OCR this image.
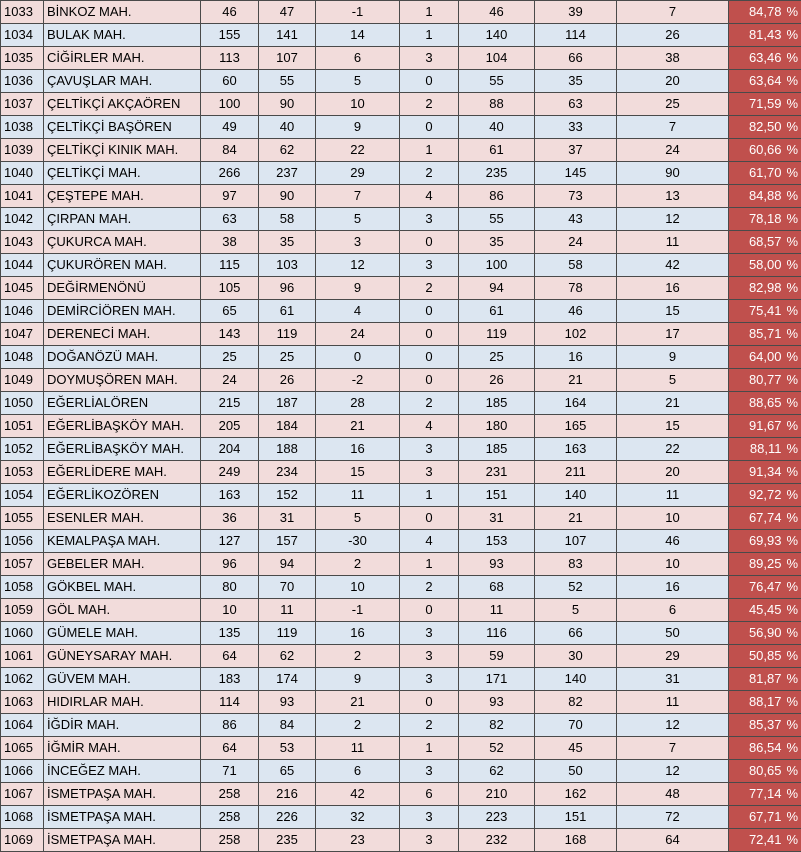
1033	BİNKOZ MAH.	46	47	-1	1	46	39	7	84,78	%
1034	BULAK MAH.	155	141	14	1	140	114	26	81,43	%
1035	CİĞİRLER MAH.	113	107	6	3	104	66	38	63,46	%
1036	ÇAVUŞLAR MAH.	60	55	5	0	55	35	20	63,64	%
1037	ÇELTİKÇİ AKÇAÖREN	100	90	10	2	88	63	25	71,59	%
1038	ÇELTİKÇİ BAŞÖREN	49	40	9	0	40	33	7	82,50	%
1039	ÇELTİKÇİ KINIK MAH.	84	62	22	1	61	37	24	60,66	%
1040	ÇELTİKÇİ MAH.	266	237	29	2	235	145	90	61,70	%
1041	ÇEŞTEPE MAH.	97	90	7	4	86	73	13	84,88	%
1042	ÇIRPAN MAH.	63	58	5	3	55	43	12	78,18	%
1043	ÇUKURCA MAH.	38	35	3	0	35	24	11	68,57	%
1044	ÇUKURÖREN MAH.	115	103	12	3	100	58	42	58,00	%
1045	DEĞİRMENÖNÜ	105	96	9	2	94	78	16	82,98	%
1046	DEMİRCİÖREN MAH.	65	61	4	0	61	46	15	75,41	%
1047	DERENECİ MAH.	143	119	24	0	119	102	17	85,71	%
1048	DOĞANÖZÜ MAH.	25	25	0	0	25	16	9	64,00	%
1049	DOYMUŞÖREN MAH.	24	26	-2	0	26	21	5	80,77	%
1050	EĞERLİALÖREN	215	187	28	2	185	164	21	88,65	%
1051	EĞERLİBAŞKÖY MAH.	205	184	21	4	180	165	15	91,67	%
1052	EĞERLİBAŞKÖY MAH.	204	188	16	3	185	163	22	88,11	%
1053	EĞERLİDERE MAH.	249	234	15	3	231	211	20	91,34	%
1054	EĞERLİKOZÖREN	163	152	11	1	151	140	11	92,72	%
1055	ESENLER MAH.	36	31	5	0	31	21	10	67,74	%
1056	KEMALPAŞA MAH.	127	157	-30	4	153	107	46	69,93	%
1057	GEBELER MAH.	96	94	2	1	93	83	10	89,25	%
1058	GÖKBEL MAH.	80	70	10	2	68	52	16	76,47	%
1059	GÖL MAH.	10	11	-1	0	11	5	6	45,45	%
1060	GÜMELE MAH.	135	119	16	3	116	66	50	56,90	%
1061	GÜNEYSARAY MAH.	64	62	2	3	59	30	29	50,85	%
1062	GÜVEM MAH.	183	174	9	3	171	140	31	81,87	%
1063	HIDIRLAR MAH.	114	93	21	0	93	82	11	88,17	%
1064	İĞDİR MAH.	86	84	2	2	82	70	12	85,37	%
1065	İĞMİR MAH.	64	53	11	1	52	45	7	86,54	%
1066	İNCEĞEZ MAH.	71	65	6	3	62	50	12	80,65	%
1067	İSMETPAŞA MAH.	258	216	42	6	210	162	48	77,14	%
1068	İSMETPAŞA MAH.	258	226	32	3	223	151	72	67,71	%
1069	İSMETPAŞA MAH.	258	235	23	3	232	168	64	72,41	%
